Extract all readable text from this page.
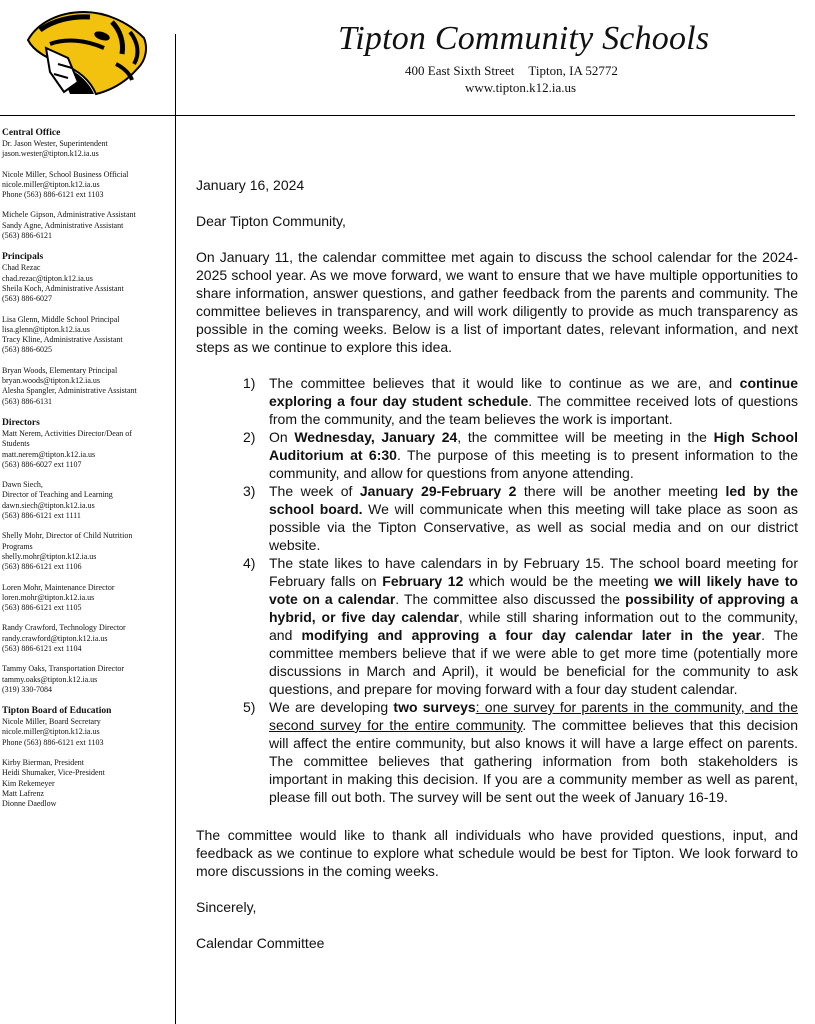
Tipton Community Schools
400 East Sixth Street Tipton, IA 52772
www.tipton.k12.ia.us
Central Office
Dr. Jason Wester, Superintendent
jason.wester@tipton.k12.ia.us
Nicole Miller, School Business Official
nicole.miller@tipton.k12.ia.us
Phone (563) 886-6121 ext 1103
Michele Gipson, Administrative Assistant
Sandy Agne, Administrative Assistant
(563) 886-6121
Principals
Chad Rezac
chad.rezac@tipton.k12.ia.us
Sheila Koch, Administrative Assistant
(563) 886-6027
Lisa Glenn, Middle School Principal
lisa.glenn@tipton.k12.ia.us
Tracy Kline, Administrative Assistant
(563) 886-6025
Bryan Woods, Elementary Principal
bryan.woods@tipton.k12.ia.us
Alesha Spangler, Administrative Assistant
(563) 886-6131
Directors
Matt Nerem, Activities Director/Dean of
Students
matt.nerem@tipton.k12.ia.us
(563) 886-6027 ext 1107
Dawn Siech,
Director of Teaching and Learning
dawn.siech@tipton.k12.ia.us
(563) 886-6121 ext 1111
Shelly Mohr, Director of Child Nutrition
Programs
shelly.mohr@tipton.k12.ia.us
(563) 886-6121 ext 1106
Loren Mohr, Maintenance Director
loren.mohr@tipton.k12.ia.us
(563) 886-6121 ext 1105
Randy Crawford, Technology Director
randy.crawford@tipton.k12.ia.us
(563) 886-6121 ext 1104
Tammy Oaks, Transportation Director
tammy.oaks@tipton.k12.ia.us
(319) 330-7084
Tipton Board of Education
Nicole Miller, Board Secretary
nicole.miller@tipton.k12.ia.us
Phone (563) 886-6121 ext 1103
Kirby Bierman, President
Heidi Shumaker, Vice-President
Kim Rekemeyer
Matt Lafrenz
Dionne Daedlow

January 16, 2024

Dear Tipton Community,

On January 11, the calendar committee met again to discuss the school calendar for the 2024-2025 school year. As we move forward, we want to ensure that we have multiple opportunities to share information, answer questions, and gather feedback from the parents and community. The committee believes in transparency, and will work diligently to provide as much transparency as possible in the coming weeks. Below is a list of important dates, relevant information, and next steps as we continue to explore this idea.

1) The committee believes that it would like to continue as we are, and continue exploring a four day student schedule. The committee received lots of questions from the community, and the team believes the work is important.
2) On Wednesday, January 24, the committee will be meeting in the High School Auditorium at 6:30. The purpose of this meeting is to present information to the community, and allow for questions from anyone attending.
3) The week of January 29-February 2 there will be another meeting led by the school board. We will communicate when this meeting will take place as soon as possible via the Tipton Conservative, as well as social media and on our district website.
4) The state likes to have calendars in by February 15. The school board meeting for February falls on February 12 which would be the meeting we will likely have to vote on a calendar. The committee also discussed the possibility of approving a hybrid, or five day calendar, while still sharing information out to the community, and modifying and approving a four day calendar later in the year. The committee members believe that if we were able to get more time (potentially more discussions in March and April), it would be beneficial for the community to ask questions, and prepare for moving forward with a four day student calendar.
5) We are developing two surveys: one survey for parents in the community, and the second survey for the entire community. The committee believes that this decision will affect the entire community, but also knows it will have a large effect on parents. The committee believes that gathering information from both stakeholders is important in making this decision. If you are a community member as well as parent, please fill out both. The survey will be sent out the week of January 16-19.

The committee would like to thank all individuals who have provided questions, input, and feedback as we continue to explore what schedule would be best for Tipton. We look forward to more discussions in the coming weeks.

Sincerely,

Calendar Committee
